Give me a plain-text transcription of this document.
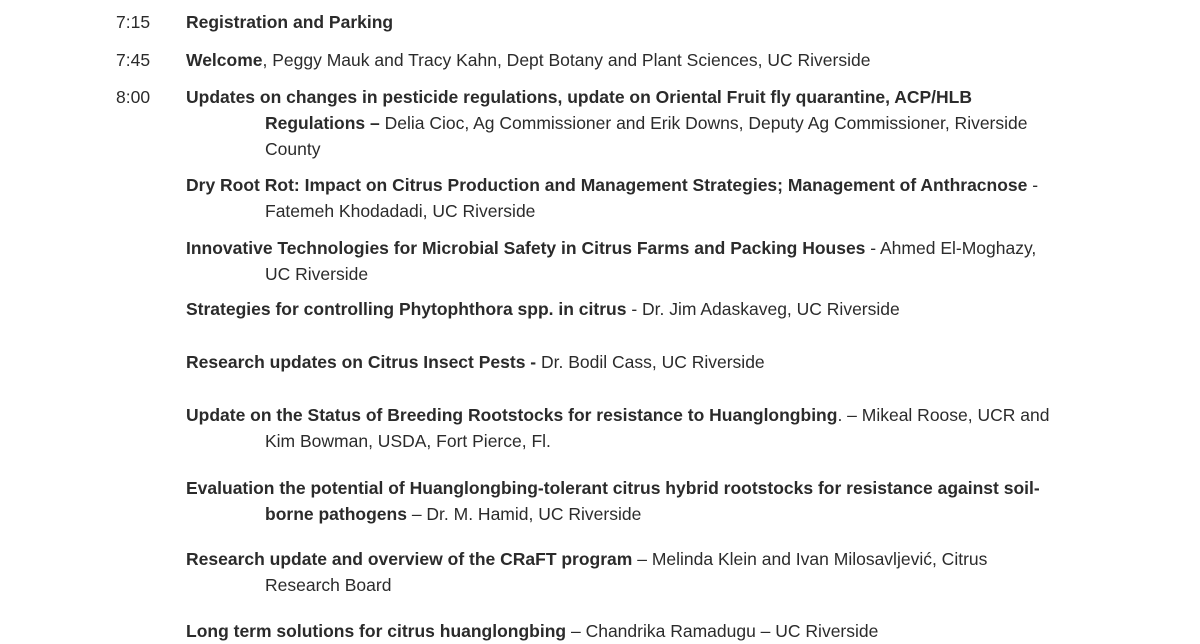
7:15 Registration and Parking
7:45 Welcome, Peggy Mauk and Tracy Kahn, Dept Botany and Plant Sciences, UC Riverside
8:00 Updates on changes in pesticide regulations, update on Oriental Fruit fly quarantine, ACP/HLB
Regulations – Delia Cioc, Ag Commissioner and Erik Downs, Deputy Ag Commissioner, Riverside
County
Dry Root Rot: Impact on Citrus Production and Management Strategies; Management of Anthracnose -
Fatemeh Khodadadi, UC Riverside
Innovative Technologies for Microbial Safety in Citrus Farms and Packing Houses - Ahmed El-Moghazy,
UC Riverside
Strategies for controlling Phytophthora spp. in citrus - Dr. Jim Adaskaveg, UC Riverside
Research updates on Citrus Insect Pests - Dr. Bodil Cass, UC Riverside
Update on the Status of Breeding Rootstocks for resistance to Huanglongbing. – Mikeal Roose, UCR and
Kim Bowman, USDA, Fort Pierce, Fl.
Evaluation the potential of Huanglongbing-tolerant citrus hybrid rootstocks for resistance against soil-
borne pathogens – Dr. M. Hamid, UC Riverside
Research update and overview of the CRaFT program – Melinda Klein and Ivan Milosavljević, Citrus
Research Board
Long term solutions for citrus huanglongbing – Chandrika Ramadugu – UC Riverside
